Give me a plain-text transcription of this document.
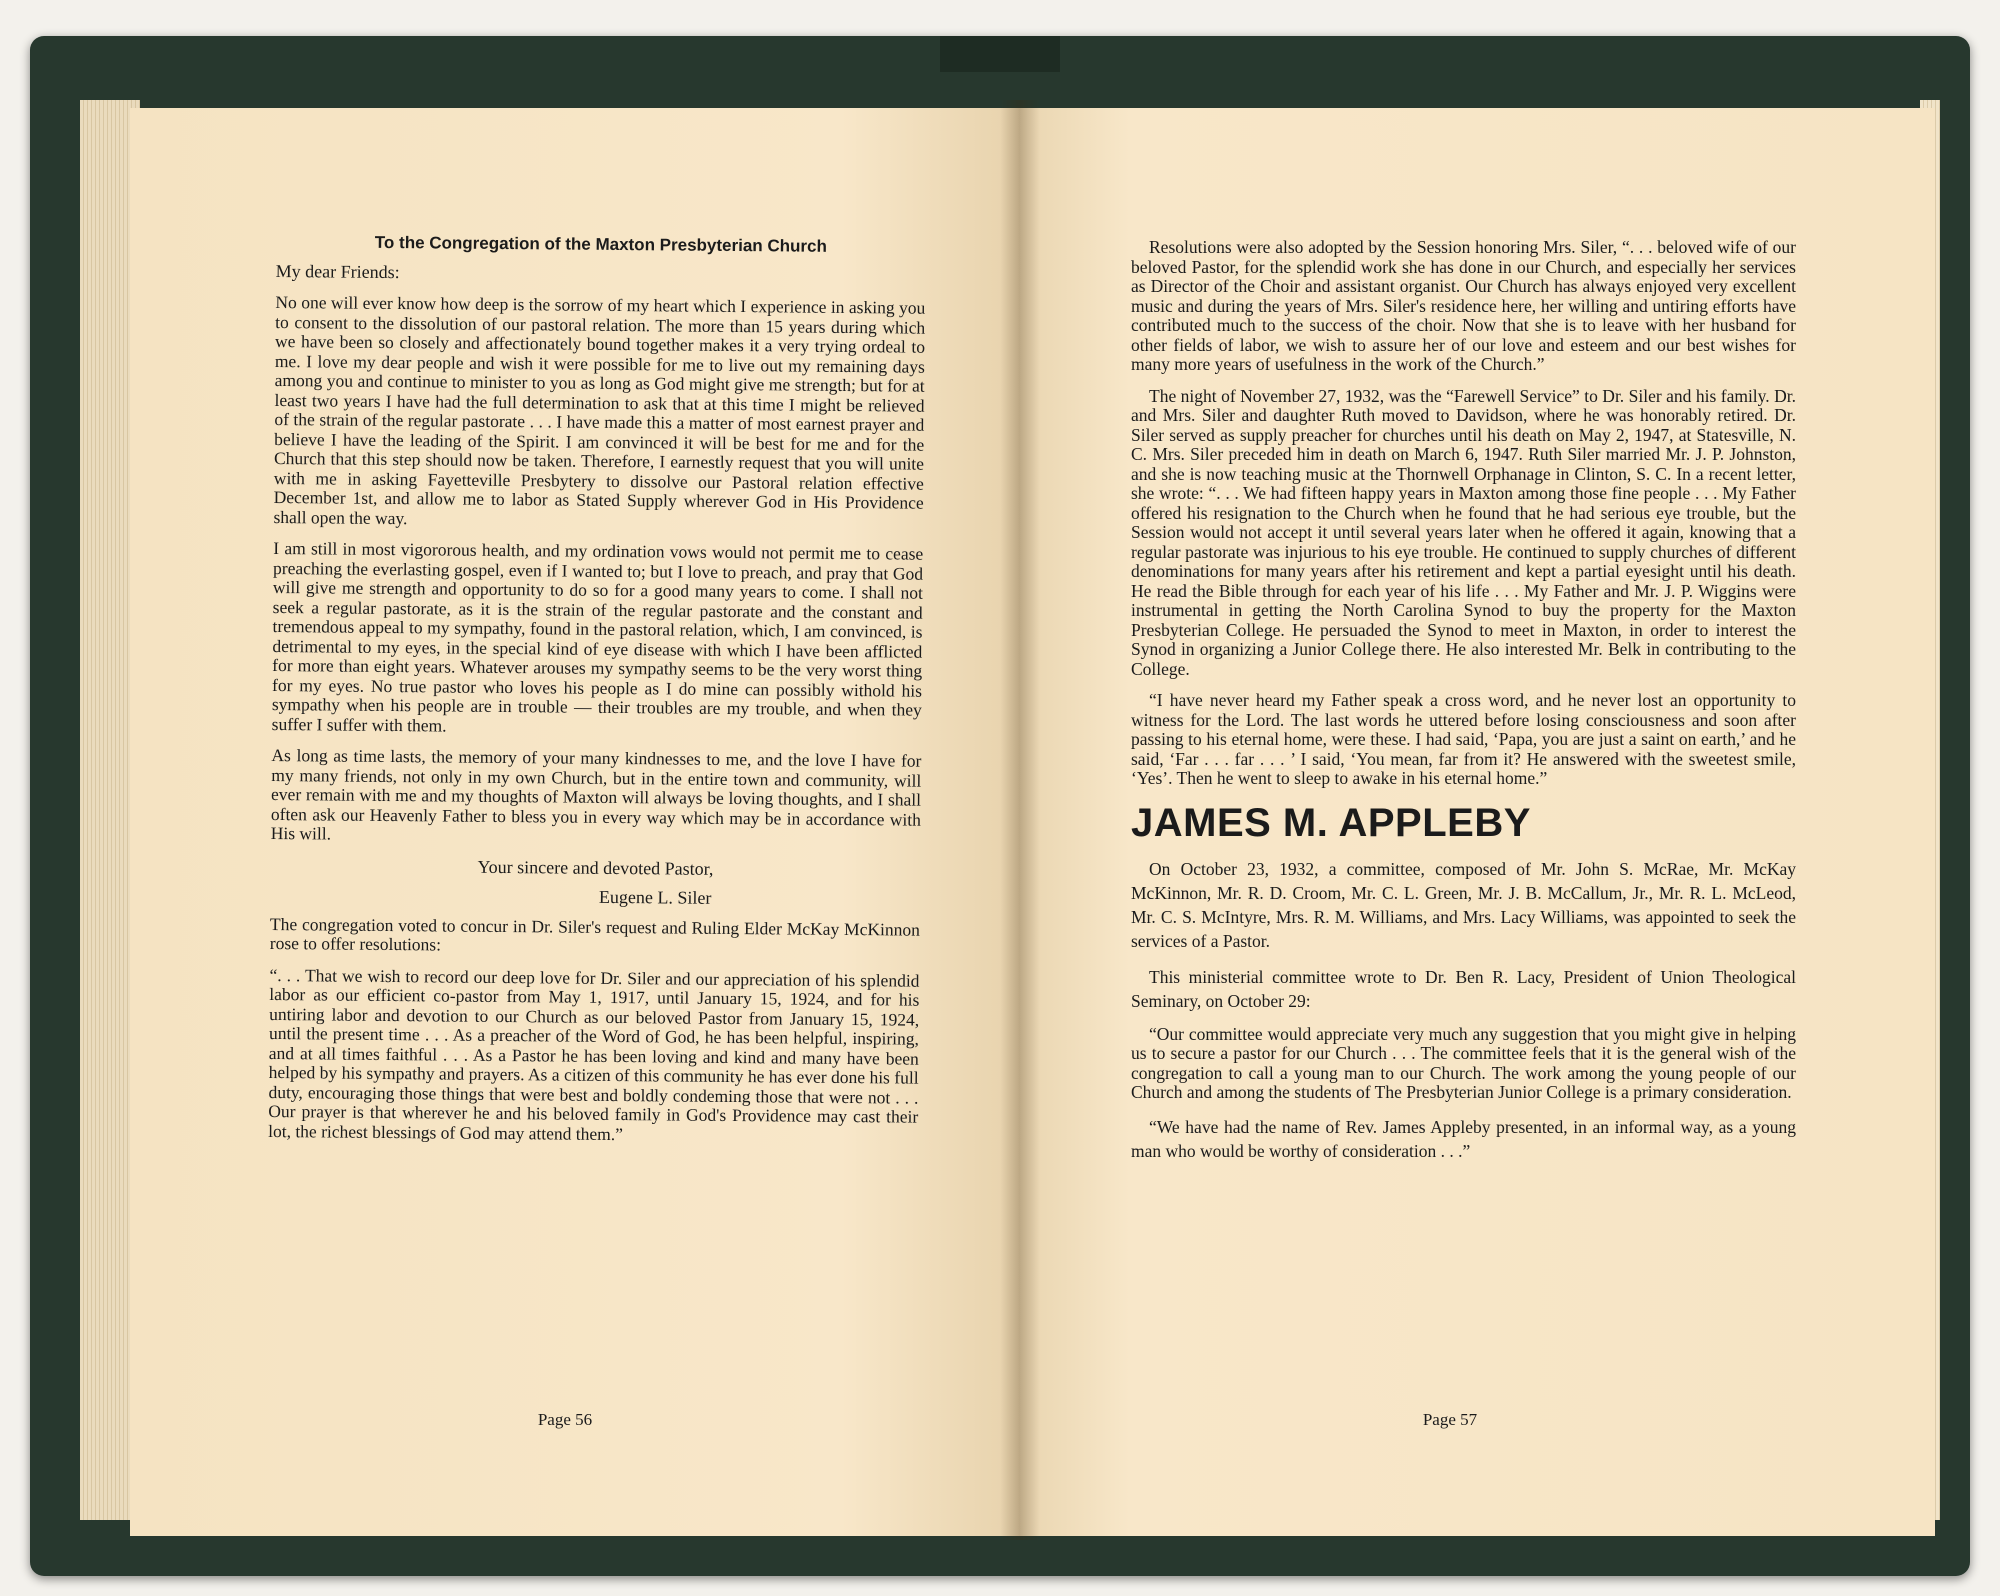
To the Congregation of the Maxton Presbyterian Church
My dear Friends:

No one will ever know how deep is the sorrow of my heart which I experience in asking you to consent to the dissolution of our pastoral relation. The more than 15 years during which we have been so closely and affectionately bound together makes it a very trying ordeal to me. I love my dear people and wish it were possible for me to live out my remaining days among you and continue to minister to you as long as God might give me strength; but for at least two years I have had the full determination to ask that at this time I might be relieved of the strain of the regular pastorate . . . I have made this a matter of most earnest prayer and believe I have the leading of the Spirit. I am convinced it will be best for me and for the Church that this step should now be taken. Therefore, I earnestly request that you will unite with me in asking Fayetteville Presbytery to dissolve our Pastoral relation effective December 1st, and allow me to labor as Stated Supply wherever God in His Providence shall open the way.

I am still in most vigororous health, and my ordination vows would not permit me to cease preaching the everlasting gospel, even if I wanted to; but I love to preach, and pray that God will give me strength and opportunity to do so for a good many years to come. I shall not seek a regular pastorate, as it is the strain of the regular pastorate and the constant and tremendous appeal to my sympathy, found in the pastoral relation, which, I am convinced, is detrimental to my eyes, in the special kind of eye disease with which I have been afflicted for more than eight years. Whatever arouses my sympathy seems to be the very worst thing for my eyes. No true pastor who loves his people as I do mine can possibly withold his sympathy when his people are in trouble — their troubles are my trouble, and when they suffer I suffer with them.

As long as time lasts, the memory of your many kindnesses to me, and the love I have for my many friends, not only in my own Church, but in the entire town and community, will ever remain with me and my thoughts of Maxton will always be loving thoughts, and I shall often ask our Heavenly Father to bless you in every way which may be in accordance with His will.

Your sincere and devoted Pastor,
Eugene L. Siler

The congregation voted to concur in Dr. Siler's request and Ruling Elder McKay McKinnon rose to offer resolutions:

“. . . That we wish to record our deep love for Dr. Siler and our appreciation of his splendid labor as our efficient co-pastor from May 1, 1917, until January 15, 1924, and for his untiring labor and devotion to our Church as our beloved Pastor from January 15, 1924, until the present time . . . As a preacher of the Word of God, he has been helpful, inspiring, and at all times faithful . . . As a Pastor he has been loving and kind and many have been helped by his sympathy and prayers. As a citizen of this community he has ever done his full duty, encouraging those things that were best and boldly condeming those that were not . . . Our prayer is that wherever he and his beloved family in God's Providence may cast their lot, the richest blessings of God may attend them.”

Page 56

Resolutions were also adopted by the Session honoring Mrs. Siler, “. . . beloved wife of our beloved Pastor, for the splendid work she has done in our Church, and especially her services as Director of the Choir and assistant organist. Our Church has always enjoyed very excellent music and during the years of Mrs. Siler's residence here, her willing and untiring efforts have contributed much to the success of the choir. Now that she is to leave with her husband for other fields of labor, we wish to assure her of our love and esteem and our best wishes for many more years of usefulness in the work of the Church.”

The night of November 27, 1932, was the “Farewell Service” to Dr. Siler and his family. Dr. and Mrs. Siler and daughter Ruth moved to Davidson, where he was honorably retired. Dr. Siler served as supply preacher for churches until his death on May 2, 1947, at Statesville, N. C. Mrs. Siler preceded him in death on March 6, 1947. Ruth Siler married Mr. J. P. Johnston, and she is now teaching music at the Thornwell Orphanage in Clinton, S. C. In a recent letter, she wrote: “. . . We had fifteen happy years in Maxton among those fine people . . . My Father offered his resignation to the Church when he found that he had serious eye trouble, but the Session would not accept it until several years later when he offered it again, knowing that a regular pastorate was injurious to his eye trouble. He continued to supply churches of different denominations for many years after his retirement and kept a partial eyesight until his death. He read the Bible through for each year of his life . . . My Father and Mr. J. P. Wiggins were instrumental in getting the North Carolina Synod to buy the property for the Maxton Presbyterian College. He persuaded the Synod to meet in Maxton, in order to interest the Synod in organizing a Junior College there. He also interested Mr. Belk in contributing to the College.

“I have never heard my Father speak a cross word, and he never lost an opportunity to witness for the Lord. The last words he uttered before losing consciousness and soon after passing to his eternal home, were these. I had said, ‘Papa, you are just a saint on earth,’ and he said, ‘Far . . . far . . . ’ I said, ‘You mean, far from it? He answered with the sweetest smile, ‘Yes’. Then he went to sleep to awake in his eternal home.”

JAMES M. APPLEBY

On October 23, 1932, a committee, composed of Mr. John S. McRae, Mr. McKay McKinnon, Mr. R. D. Croom, Mr. C. L. Green, Mr. J. B. McCallum, Jr., Mr. R. L. McLeod, Mr. C. S. McIntyre, Mrs. R. M. Williams, and Mrs. Lacy Williams, was appointed to seek the services of a Pastor.

This ministerial committee wrote to Dr. Ben R. Lacy, President of Union Theological Seminary, on October 29:

“Our committee would appreciate very much any suggestion that you might give in helping us to secure a pastor for our Church . . . The committee feels that it is the general wish of the congregation to call a young man to our Church. The work among the young people of our Church and among the students of The Presbyterian Junior College is a primary consideration.

“We have had the name of Rev. James Appleby presented, in an informal way, as a young man who would be worthy of consideration . . .”

Page 57
